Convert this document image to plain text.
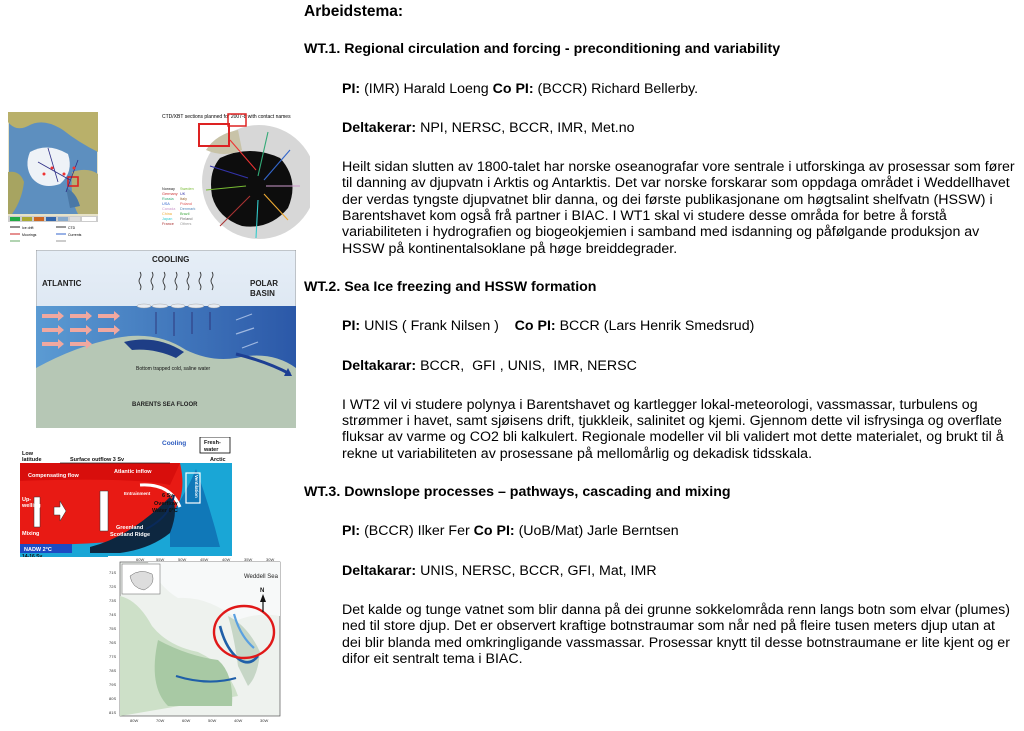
Ice drift	CTD
Moorings	Currents
CTD/XBT sections planned for 2007-8 with contact names
Norway
Germany
Russia
USA
Canada
China
Japan
France
Sweden
UK
Italy
Poland
Denmark
Brazil
Finland
Others
COOLING
ATLANTIC	POLAR
BASIN
BARENTS SEA FLOOR
Bottom trapped cold, saline water
Low
latitude	Surface outflow 3 Sv
Cooling
Arctic
Compensating flow
Atlantic inflow
Up-
welling
Mixing
NADW 2°C
14-16 Sv
6 Sv
Overflow
Water 0°C
Greenland
Scotland Ridge
Entrainment	Ventilation
Fresh-
water
71S
72S
73S
74S
75S
76S
77S
78S
79S
80S
81S
60W	55W	50W	45W	40W	35W	30W
80W	70W	60W	50W	40W	30W
Weddell Sea
N

Arbeidstema:

WT.1. Regional circulation and forcing - preconditioning and variability

PI: (IMR) Harald Loeng Co PI: (BCCR) Richard Bellerby.

Deltakerar: NPI, NERSC, BCCR, IMR, Met.no

Heilt sidan slutten av 1800-talet har norske oseanografar vore sentrale i utforskinga av prosessar som fører til danning av djupvatn i Arktis og Antarktis. Det var norske forskarar som oppdaga området i Weddellhavet der verdas tyngste djupvatnet blir danna, og dei første publikasjonane om høgtsalint shelfvatn (HSSW) i Barentshavet kom også frå partner i BIAC. I WT1 skal vi studere desse områda for betre å forstå variabiliteten i hydrografien og biogeokjemien i samband med isdanning og påfølgande produksjon av HSSW på kontinentalsoklane på høge breiddegrader.

WT.2. Sea Ice freezing and HSSW formation

PI: UNIS ( Frank Nilsen )    Co PI: BCCR (Lars Henrik Smedsrud)

Deltakarar: BCCR,  GFI , UNIS,  IMR, NERSC

I WT2 vil vi studere polynya i Barentshavet og kartlegger lokal-meteorologi, vassmassar, turbulens og strømmer i havet, samt sjøisens drift, tjukkleik, salinitet og kjemi. Gjennom dette vil isfrysinga og overflate fluksar av varme og CO2 bli kalkulert. Regionale modeller vil bli validert mot dette materialet, og brukt til å rekne ut variabiliteten av prosessane på mellomårlig og dekadisk tidsskala.

WT.3. Downslope processes – pathways, cascading and mixing

PI: (BCCR) Ilker Fer Co PI: (UoB/Mat) Jarle Berntsen

Deltakarar: UNIS, NERSC, BCCR, GFI, Mat, IMR

Det kalde og tunge vatnet som blir danna på dei grunne sokkelområda renn langs botn som elvar (plumes) ned til store djup. Det er observert kraftige botnstraumar som når ned på fleire tusen meters djup utan at dei blir blanda med omkringligande vassmassar. Prosessar knytt til desse botnstraumane er lite kjent og er difor eit sentralt tema i BIAC.
